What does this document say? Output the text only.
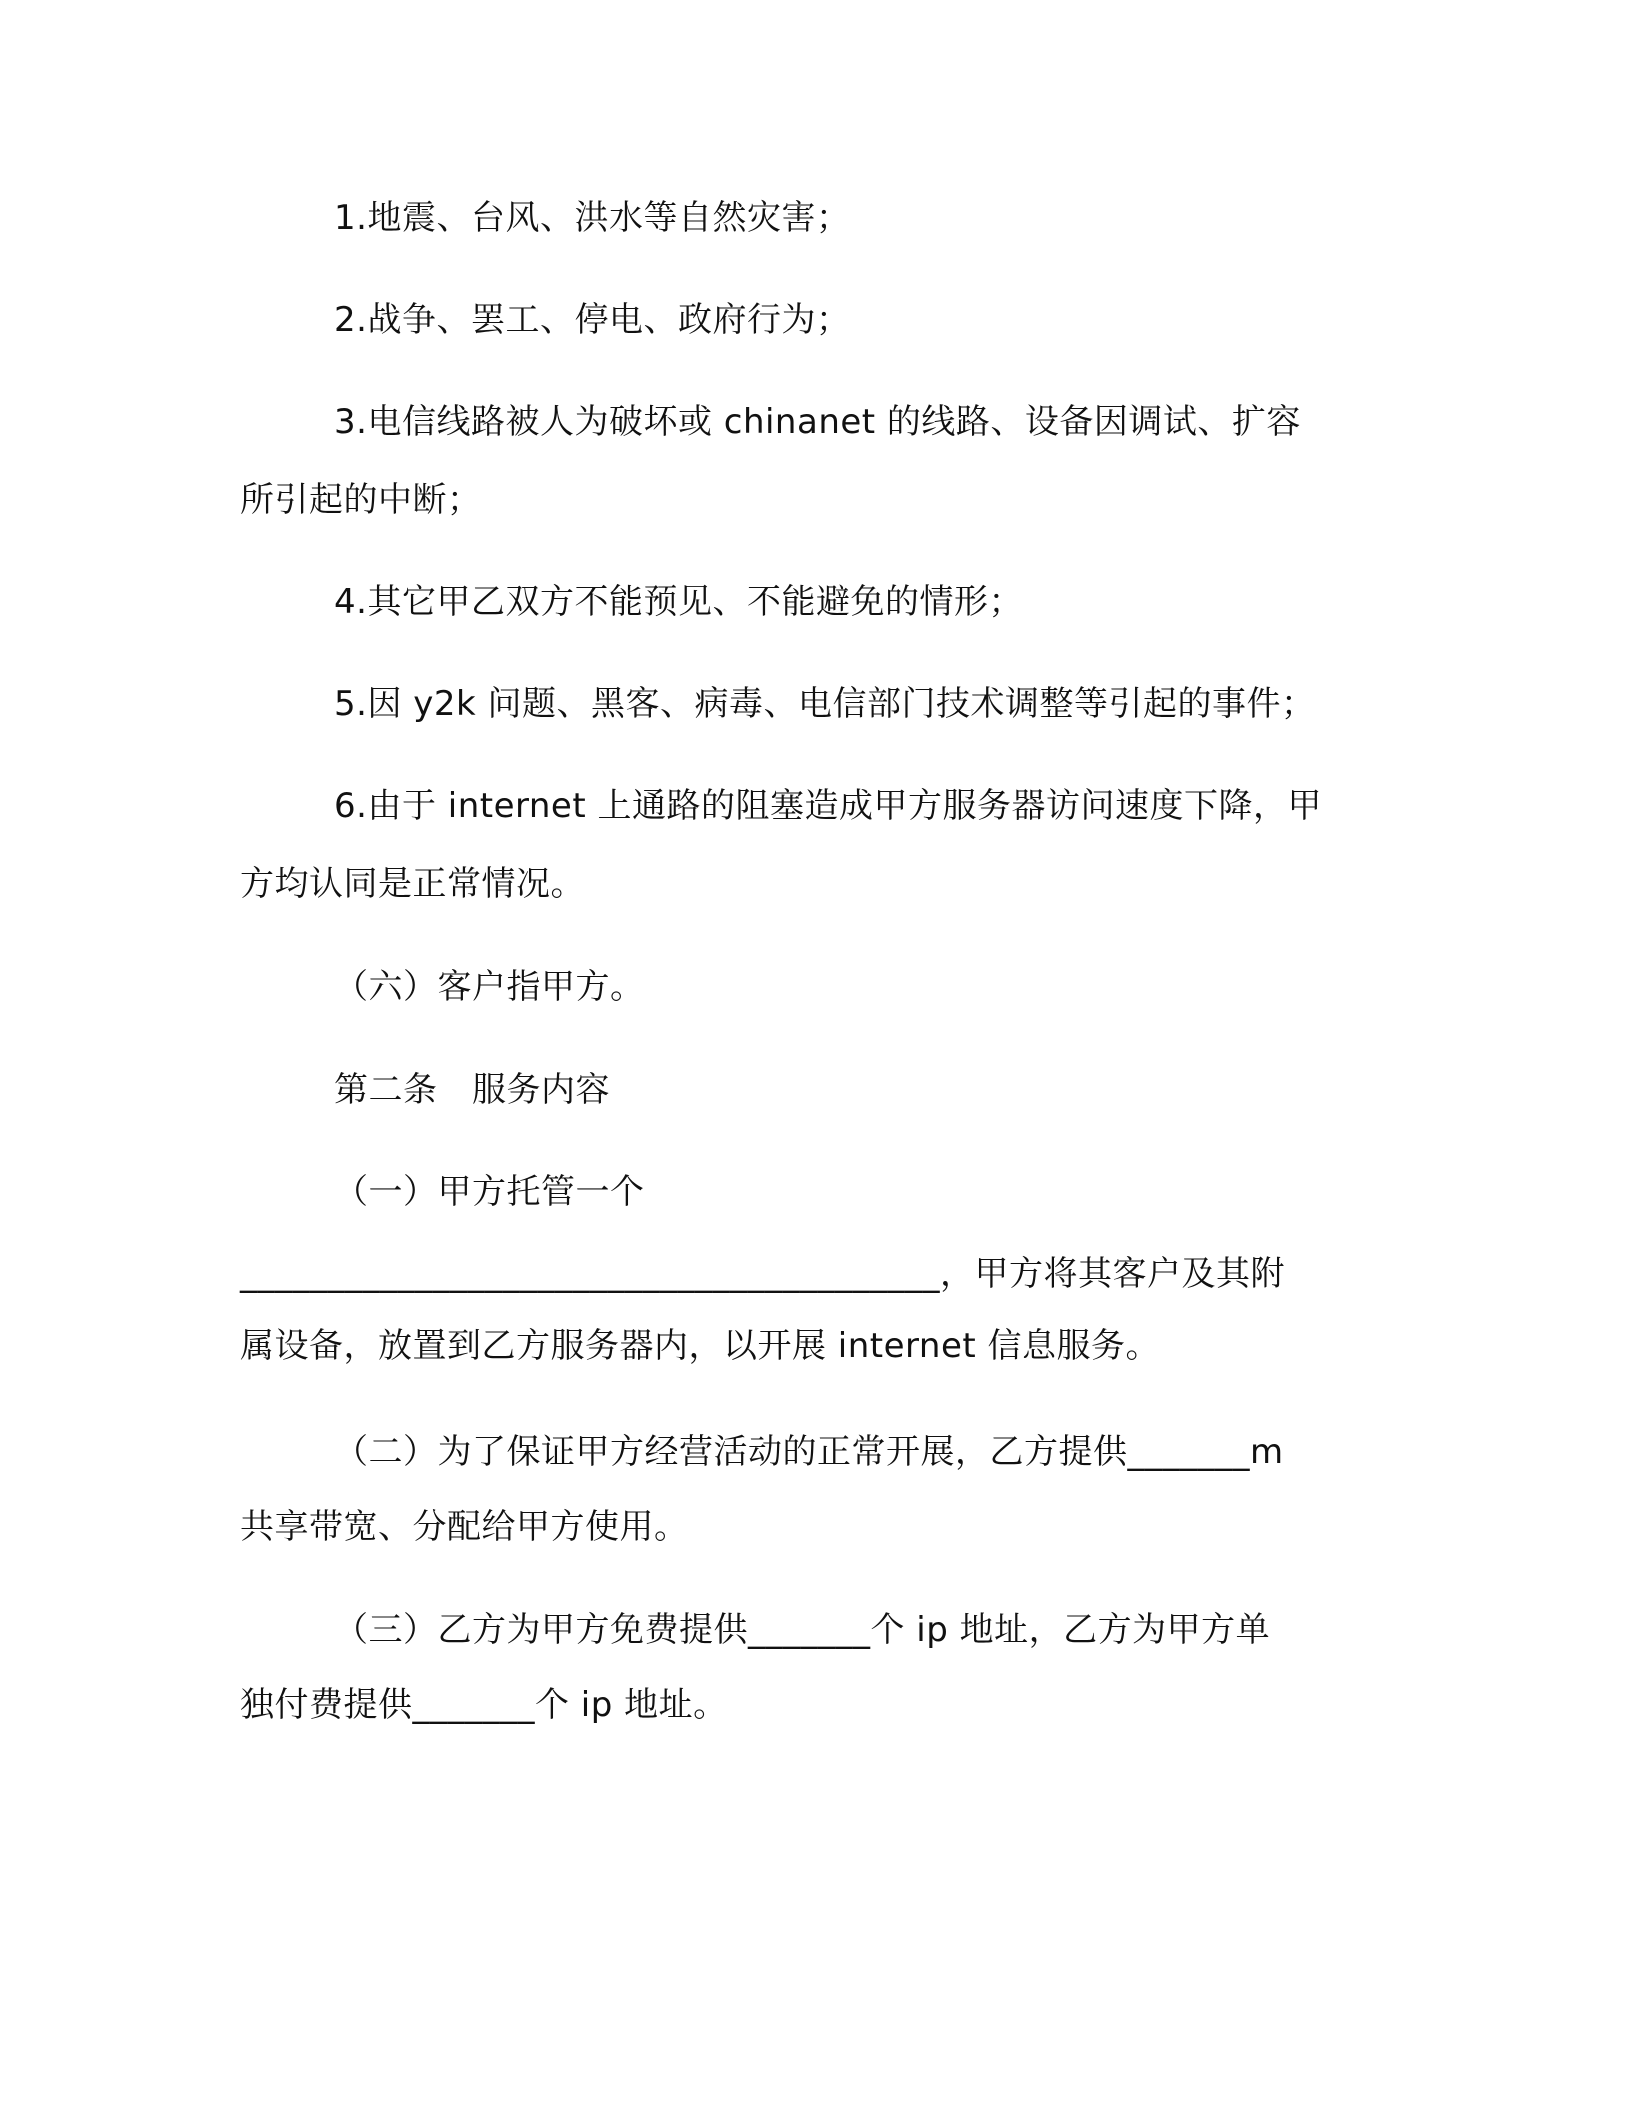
1.地震、台风、洪水等自然灾害；
2.战争、罢工、停电、政府行为；
3.电信线路被人为破坏或 chinanet 的线路、设备因调试、扩容
所引起的中断；
4.其它甲乙双方不能预见、不能避免的情形；
5.因 y2k 问题、黑客、病毒、电信部门技术调整等引起的事件；
6.由于 internet 上通路的阻塞造成甲方服务器访问速度下降，甲
方均认同是正常情况。
（六）客户指甲方。
第二条　服务内容
（一）甲方托管一个
________________________________________，甲方将其客户及其附
属设备，放置到乙方服务器内，以开展 internet 信息服务。
（二）为了保证甲方经营活动的正常开展，乙方提供_______m
共享带宽、分配给甲方使用。
（三）乙方为甲方免费提供_______个 ip 地址，乙方为甲方单
独付费提供_______个 ip 地址。
